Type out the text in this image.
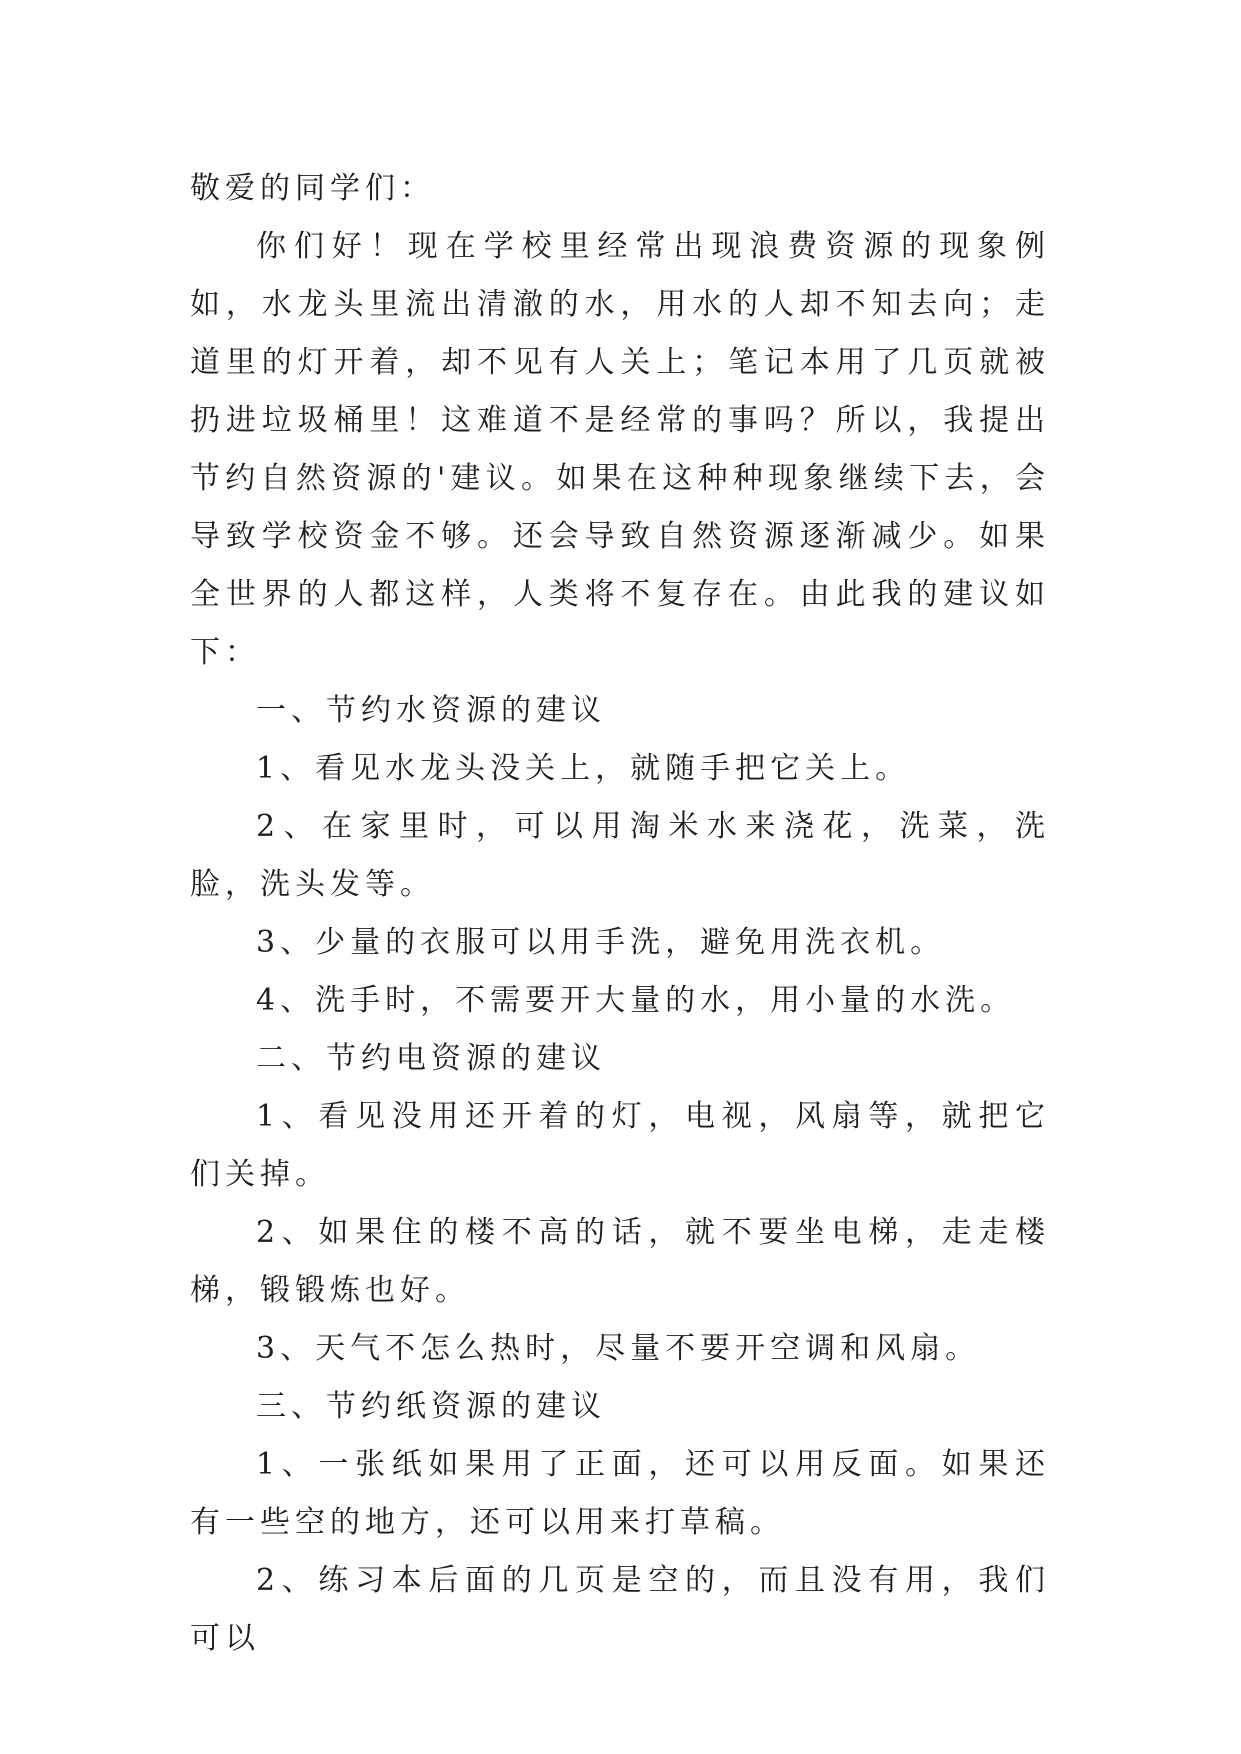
敬爱的同学们：

你们好！现在学校里经常出现浪费资源的现象例如，水龙头里流出清澈的水，用水的人却不知去向；走道里的灯开着，却不见有人关上；笔记本用了几页就被扔进垃圾桶里！这难道不是经常的事吗？所以，我提出节约自然资源的'建议。如果在这种种现象继续下去，会导致学校资金不够。还会导致自然资源逐渐减少。如果全世界的人都这样，人类将不复存在。由此我的建议如下：

一、节约水资源的建议

1、看见水龙头没关上，就随手把它关上。

2、在家里时，可以用淘米水来浇花，洗菜，洗脸，洗头发等。

3、少量的衣服可以用手洗，避免用洗衣机。

4、洗手时，不需要开大量的水，用小量的水洗。

二、节约电资源的建议

1、看见没用还开着的灯，电视，风扇等，就把它们关掉。

2、如果住的楼不高的话，就不要坐电梯，走走楼梯，锻锻炼也好。

3、天气不怎么热时，尽量不要开空调和风扇。

三、节约纸资源的建议

1、一张纸如果用了正面，还可以用反面。如果还有一些空的地方，还可以用来打草稿。

2、练习本后面的几页是空的，而且没有用，我们可以
